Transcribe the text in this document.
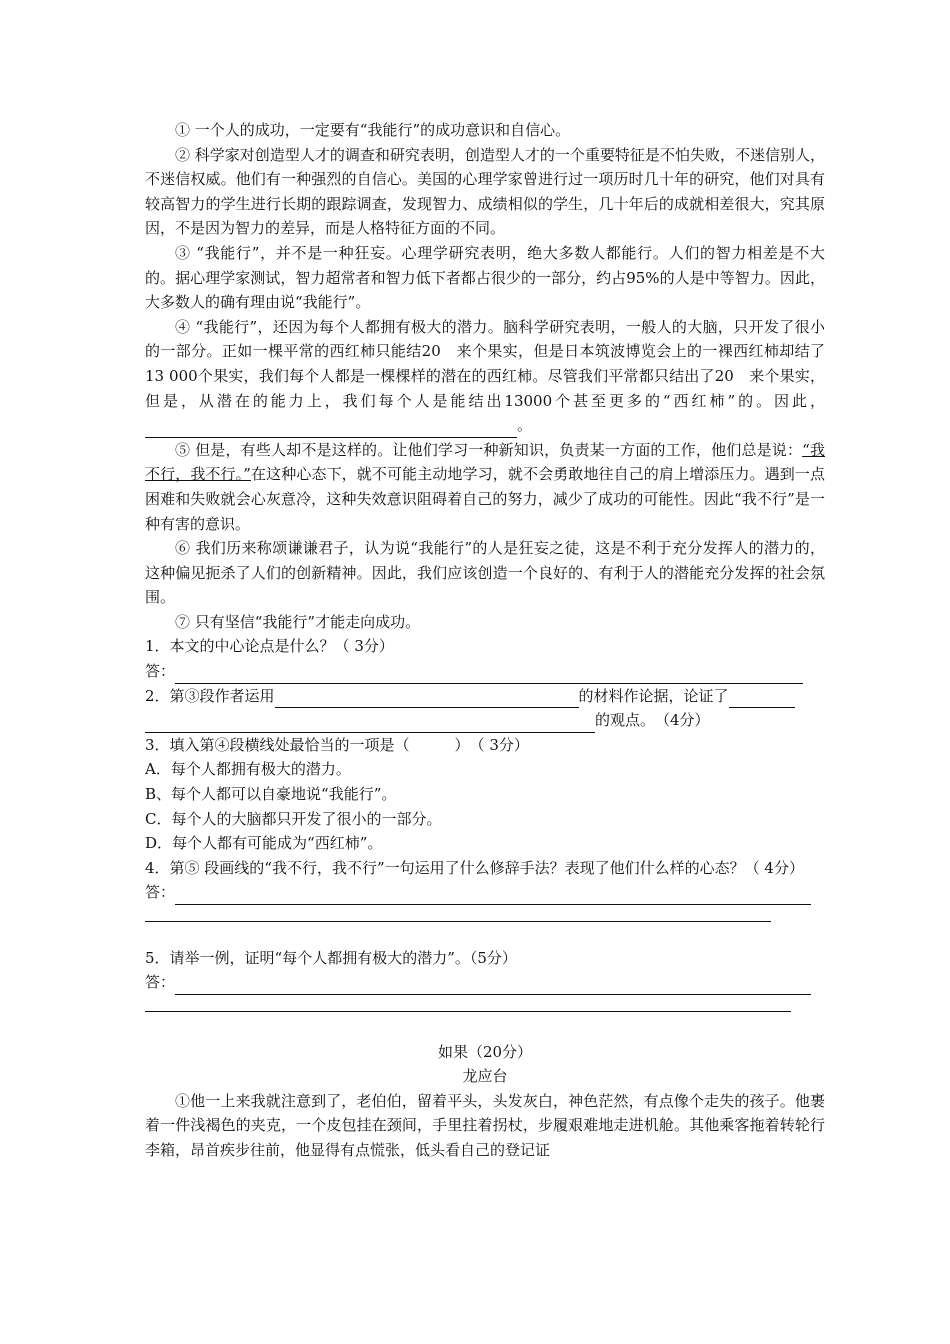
① 一个人的成功，一定要有“我能行”的成功意识和自信心。

② 科学家对创造型人才的调查和研究表明，创造型人才的一个重要特征是不怕失败，不迷信别人，不迷信权威。他们有一种强烈的自信心。美国的心理学家曾进行过一项历时几十年的研究，他们对具有较高智力的学生进行长期的跟踪调查，发现智力、成绩相似的学生，几十年后的成就相差很大，究其原因，不是因为智力的差异，而是人格特征方面的不同。

③ “我能行”，并不是一种狂妄。心理学研究表明，绝大多数人都能行。人们的智力相差是不大的。据心理学家测试，智力超常者和智力低下者都占很少的一部分，约占95%的人是中等智力。因此，大多数人的确有理由说“我能行”。

④ “我能行”，还因为每个人都拥有极大的潜力。脑科学研究表明，一般人的大脑，只开发了很小的一部分。正如一棵平常的西红柿只能结20　来个果实，但是日本筑波博览会上的一裸西红柿却结了13 000个果实，我们每个人都是一棵棵样的潜在的西红柿。尽管我们平常都只结出了20　来个果实，但是，从潜在的能力上，我们每个人是能结出13000个甚至更多的“西红柿”的。因此，。

⑤ 但是，有些人却不是这样的。让他们学习一种新知识，负责某一方面的工作，他们总是说：“我不行，我不行。”在这种心态下，就不可能主动地学习，就不会勇敢地往自己的肩上增添压力。遇到一点困难和失败就会心灰意冷，这种失效意识阻碍着自己的努力，减少了成功的可能性。因此“我不行”是一种有害的意识。

⑥ 我们历来称颂谦谦君子，认为说“我能行”的人是狂妄之徒，这是不利于充分发挥人的潜力的，这种偏见扼杀了人们的创新精神。因此，我们应该创造一个良好的、有利于人的潜能充分发挥的社会氛围。

⑦ 只有坚信“我能行”才能走向成功。

1．本文的中心论点是什么？（ 3分）

答：

2．第③段作者运用	的材料作论据，论证了

的观点。　（4分）

3．填入第④段横线处最恰当的一项是（　　　）　（ 3分）

A．每个人都拥有极大的潜力。

B、每个人都可以自豪地说“我能行”。

C．每个人的大脑都只开发了很小的一部分。

D．每个人都有可能成为“西红柿”。

4．第⑤ 段画线的“我不行，我不行”一句运用了什么修辞手法？表现了他们什么样的心态？（ 4分）

答：

5．请举一例，证明“每个人都拥有极大的潜力”。（5分）

答：

如果（20分）

龙应台

①他一上来我就注意到了，老伯伯，留着平头，头发灰白，神色茫然，有点像个走失的孩子。他裹着一件浅褐色的夹克，一个皮包挂在颈间，手里拄着拐杖，步履艰难地走进机舱。其他乘客拖着转轮行李箱，昂首疾步往前，他显得有点慌张，低头看自己的登记证
